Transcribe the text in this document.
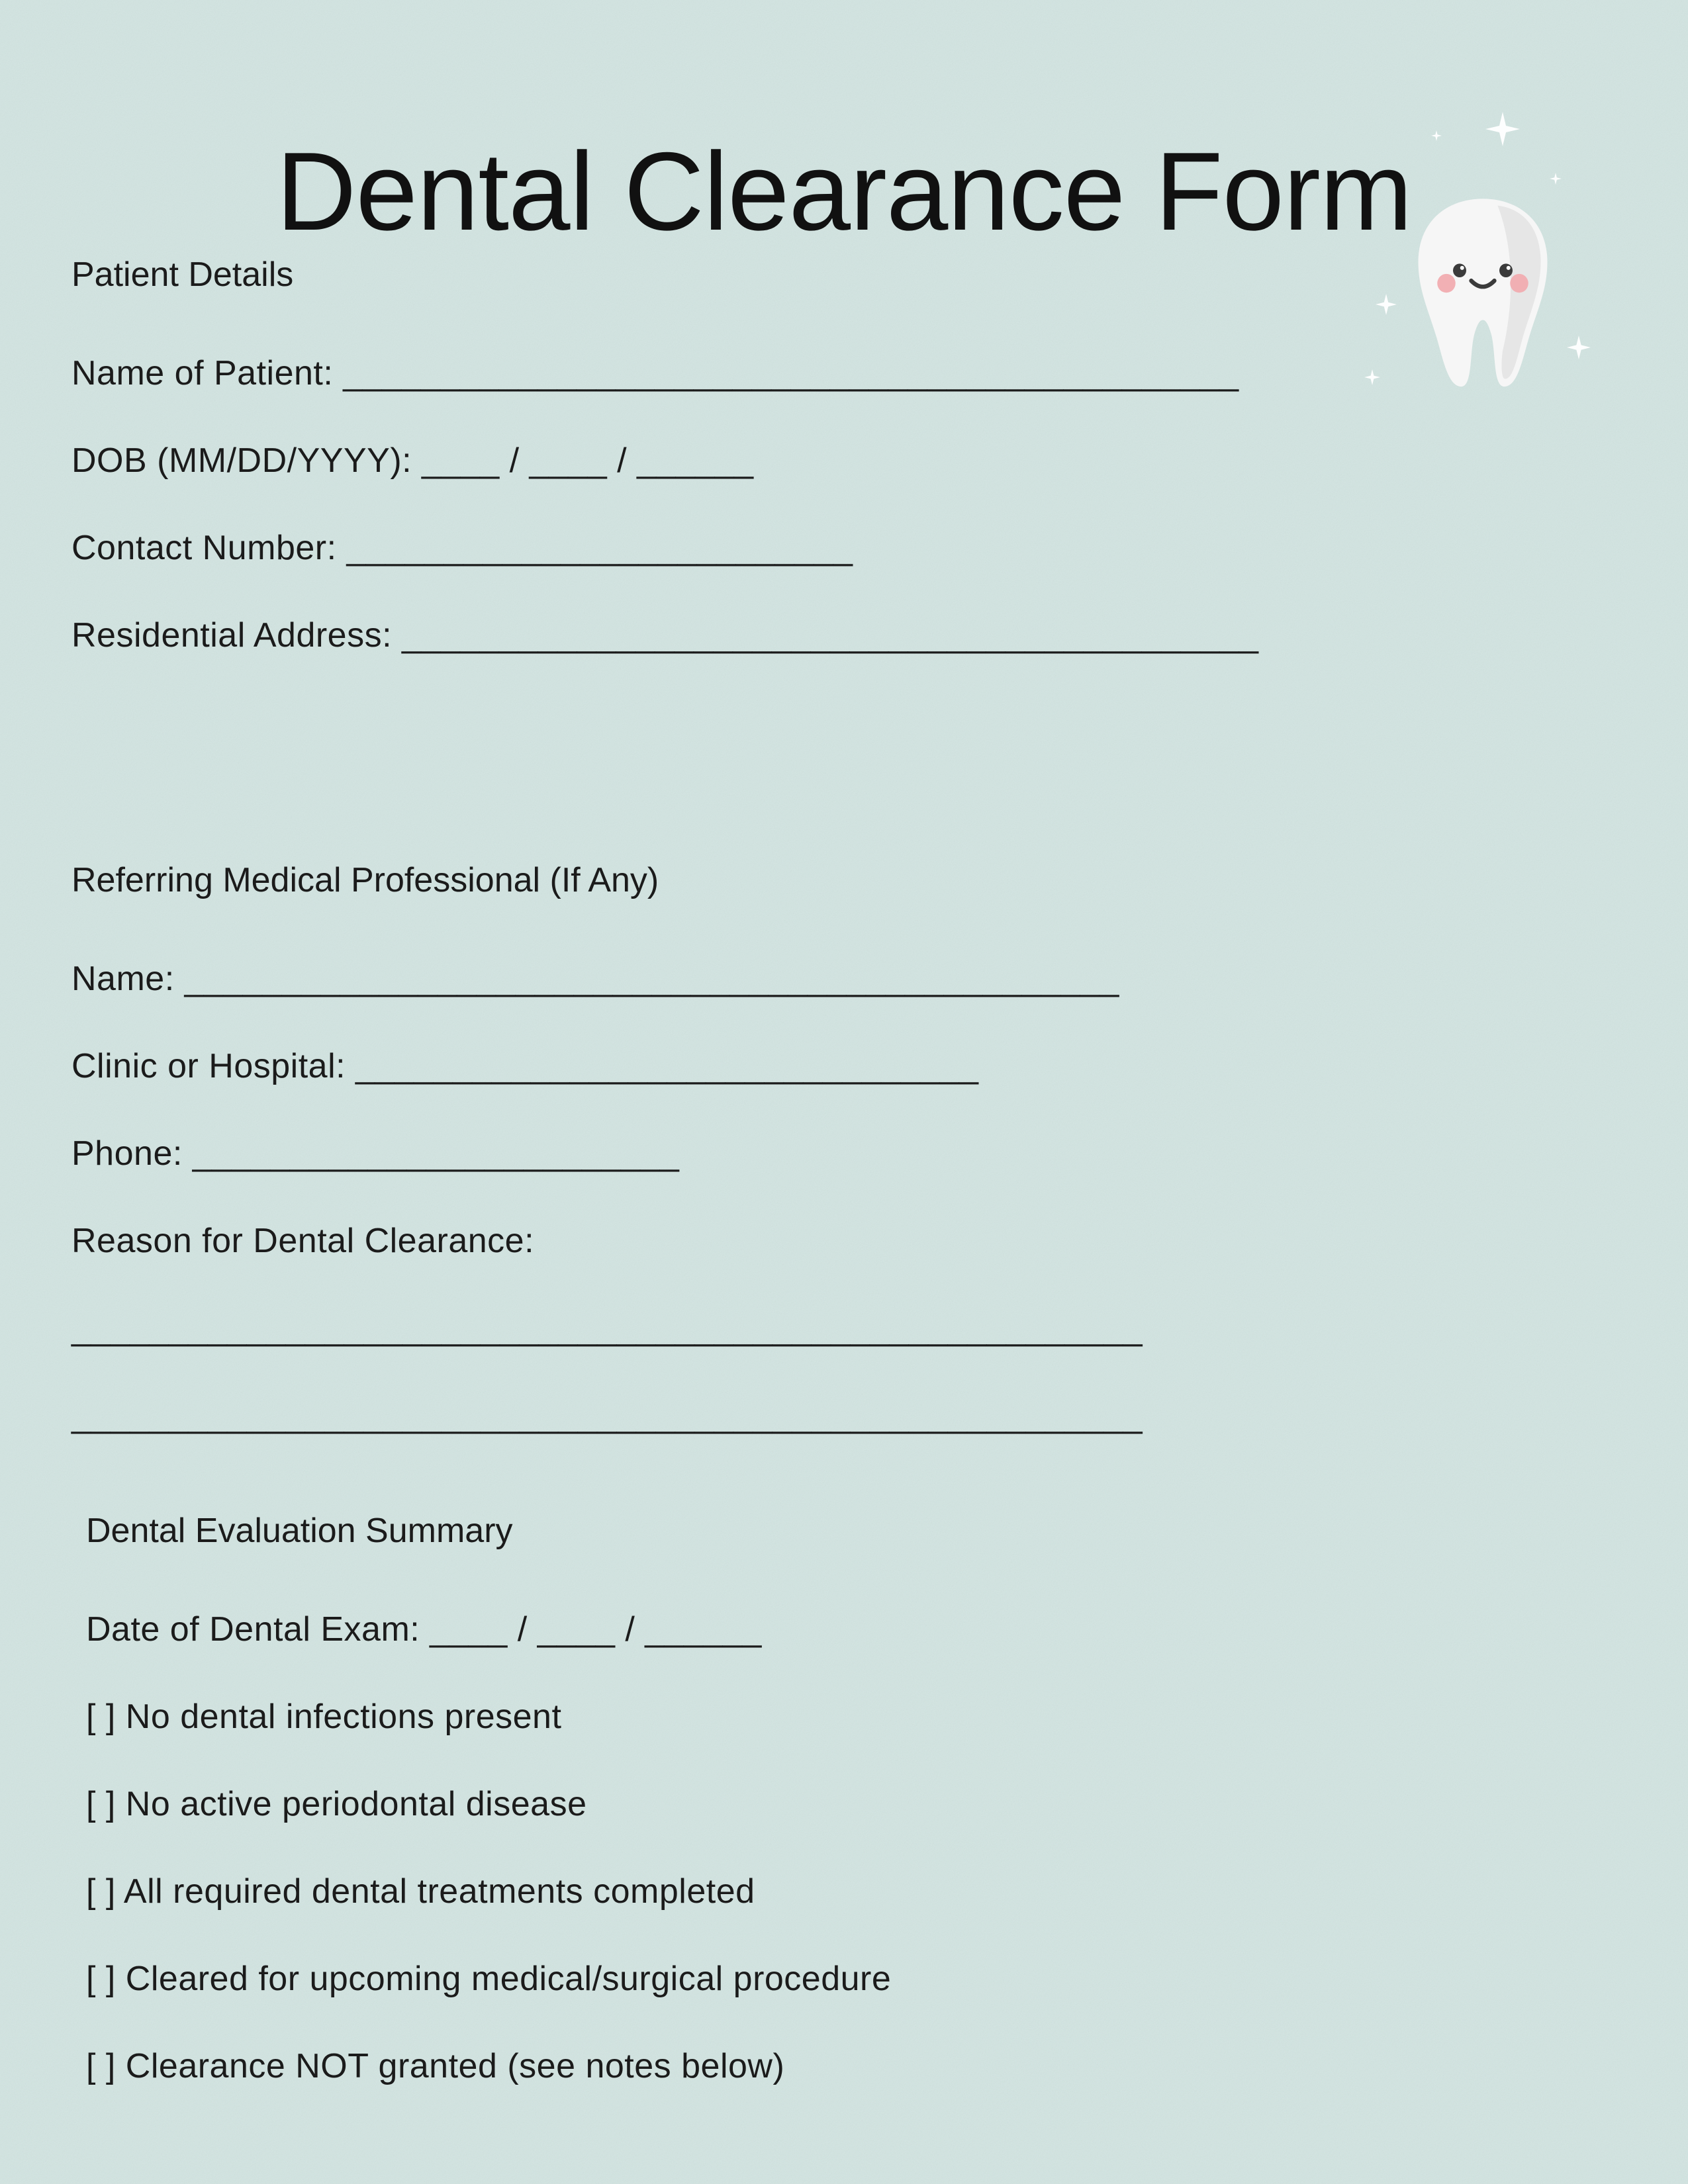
Dental Clearance Form
Patient Details

Name of Patient: ______________________________________________

DOB (MM/DD/YYYY): ____ / ____ / ______

Contact Number: __________________________

Residential Address: ____________________________________________

Referring Medical Professional (If Any)

Name: ________________________________________________

Clinic or Hospital: ________________________________

Phone: _________________________

Reason for Dental Clearance:

_______________________________________________________

_______________________________________________________

Dental Evaluation Summary

Date of Dental Exam: ____ / ____ / ______

[ ] No dental infections present

[ ] No active periodontal disease

[ ] All required dental treatments completed

[ ] Cleared for upcoming medical/surgical procedure

[ ] Clearance NOT granted (see notes below)
